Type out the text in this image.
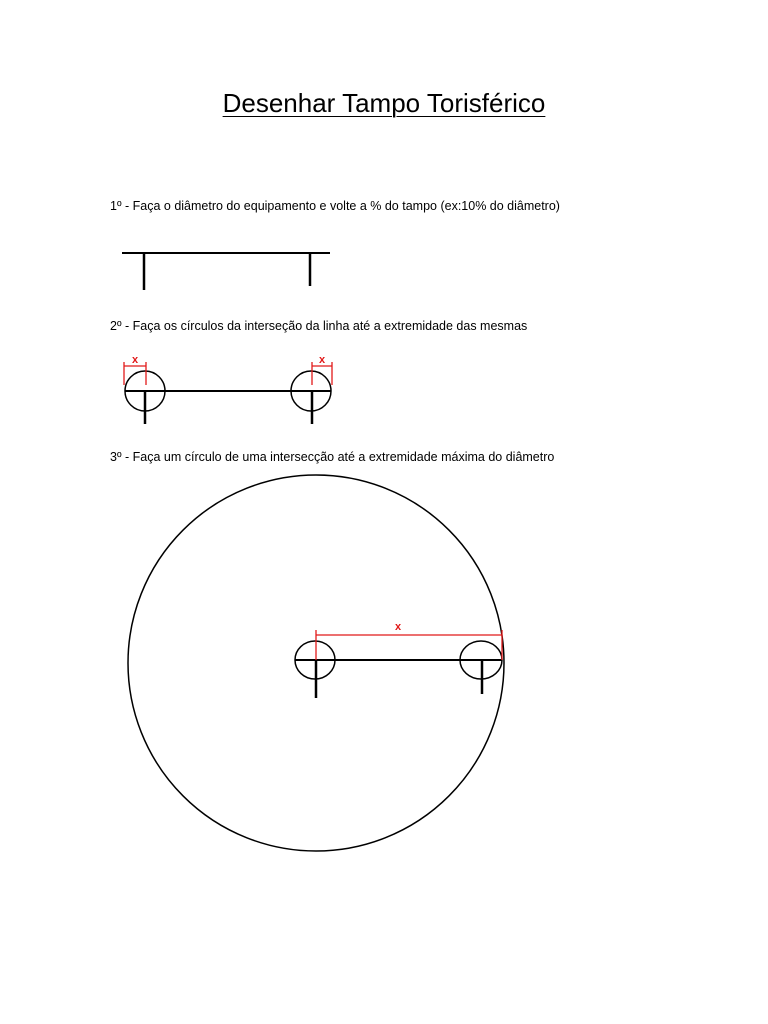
Desenhar Tampo Torisférico
1º - Faça o diâmetro do equipamento e volte a % do tampo (ex:10% do diâmetro)
2º - Faça os círculos da interseção da linha até a extremidade das mesmas
3º - Faça um círculo de uma intersecção até a extremidade máxima do diâmetro
x	x
x
